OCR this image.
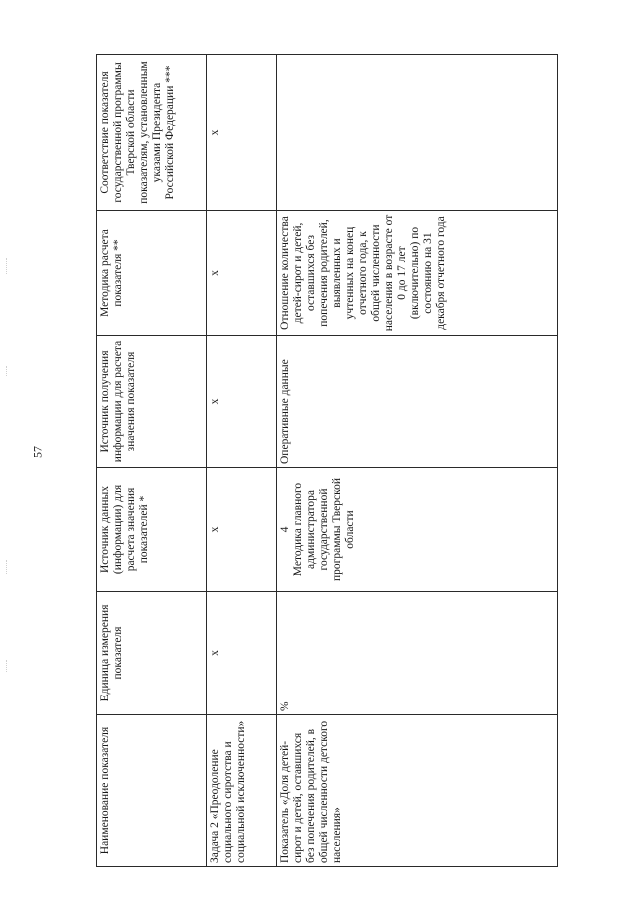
57
Наименование показателя	Единица измерения показателя	Источник данных (информации) для расчета значения показателей *	Источник получения информации для расчета значения показателя	Методика расчета показателя **	Соответствие показателя государственной программы Тверской области показателям, установленным указами Президента Российской Федерации ***
Задача 2 «Преодоление социального сиротства и социальной исключенности»	х	х	х	х	х
Показатель «Доля детей-сирот и детей, оставшихся без попечения родителей, в общей численности детского населения»	%	4 Методика главного администратора государственной программы Тверской области	Оперативные данные	Отношение количества детей-сирот и детей, оставшихся без попечения родителей, выявленных и учтенных на конец отчетного года, к общей численности населения в возрасте от 0 до 17 лет (включительно) по состоянию на 31 декабря отчетного года	
